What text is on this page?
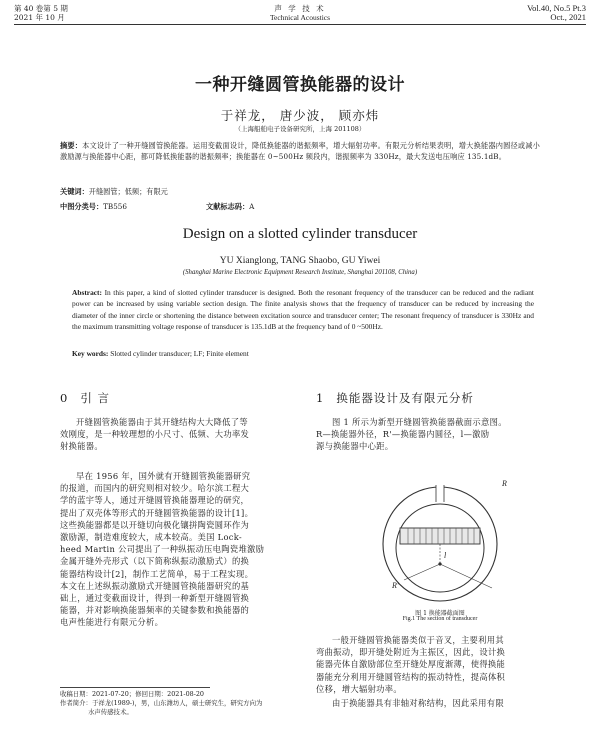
第 40 卷第 5 期
2021 年 10 月
声 学 技 术
Technical Acoustics
Vol.40, No.5 Pt.3
Oct., 2021
一种开缝圆管换能器的设计
于祥龙， 唐少波， 顾亦炜
（上海船舶电子设备研究所，上海 201108）
摘要：本文设计了一种开缝圆管换能器。运用变截面设计，降低换能器的谐振频率，增大辐射功率。有限元分析结果表明，增大换能器内圆径或减小激励源与换能器中心距，都可降低换能器的谐振频率；换能器在 0~500Hz 频段内，谐振频率为 330Hz，最大发送电压响应 135.1dB。
关键词：开缝圆管；低频；有限元
中图分类号：TB556	文献标志码：A
Design on a slotted cylinder transducer
YU Xianglong, TANG Shaobo, GU Yiwei
(Shanghai Marine Electronic Equipment Research Institute, Shanghai 201108, China)
Abstract: In this paper, a kind of slotted cylinder transducer is designed. Both the resonant frequency of the transducer can be reduced and the radiant power can be increased by using variable section design. The finite analysis shows that the frequency of transducer can be reduced by increasing the diameter of the inner circle or shortening the distance between excitation source and transducer center; The resonant frequency of transducer is 330Hz and the maximum transmitting voltage response of transducer is 135.1dB at the frequency band of 0 ~500Hz.
Key words: Slotted cylinder transducer; LF; Finite element
0 引 言
开缝圆管换能器由于其开缝结构大大降低了等
效刚度，是一种较理想的小尺寸、低频、大功率发
射换能器。
早在 1956 年，国外就有开缝圆管换能器研究
的报道，而国内的研究则相对较少。哈尔滨工程大
学的蓝宇等人，通过开缝圆管换能器理论的研究，
提出了双壳体等形式的开缝圆管换能器的设计[1]。
这些换能器都是以开缝切向极化镶拼陶瓷圆环作为
激励源，制造难度较大，成本较高。美国 Lock-
heed Martin 公司提出了一种纵振动压电陶瓷堆激励
金属开缝外壳形式（以下简称纵振动激励式）的换
能器结构设计[2]，制作工艺简单，易于工程实现。
本文在上述纵振动激励式开缝圆管换能器研究的基
础上，通过变截面设计，得到一种新型开缝圆管换
能器，并对影响换能器频率的关键参数和换能器的
电声性能进行有限元分析。
1 换能器设计及有限元分析
图 1 所示为新型开缝圆管换能器截面示意图。
R—换能器外径，R'—换能器内圆径，l—激励
源与换能器中心距。
l
R
R'
图 1 换能器截面图
Fig.1 The section of transducer
一般开缝圆管换能器类似于音叉，主要利用其
弯曲振动，即开缝处附近为主振区，因此，设计换
能器壳体自激励部位至开缝处厚度渐薄，使得换能
器能充分利用开缝圆管结构的振动特性，提高体积
位移，增大辐射功率。
由于换能器具有非轴对称结构，因此采用有限
收稿日期：2021-07-20；修回日期：2021-08-20
作者简介：于祥龙(1989-)，男，山东潍坊人，硕士研究生，研究方向为
水声传感技术。
